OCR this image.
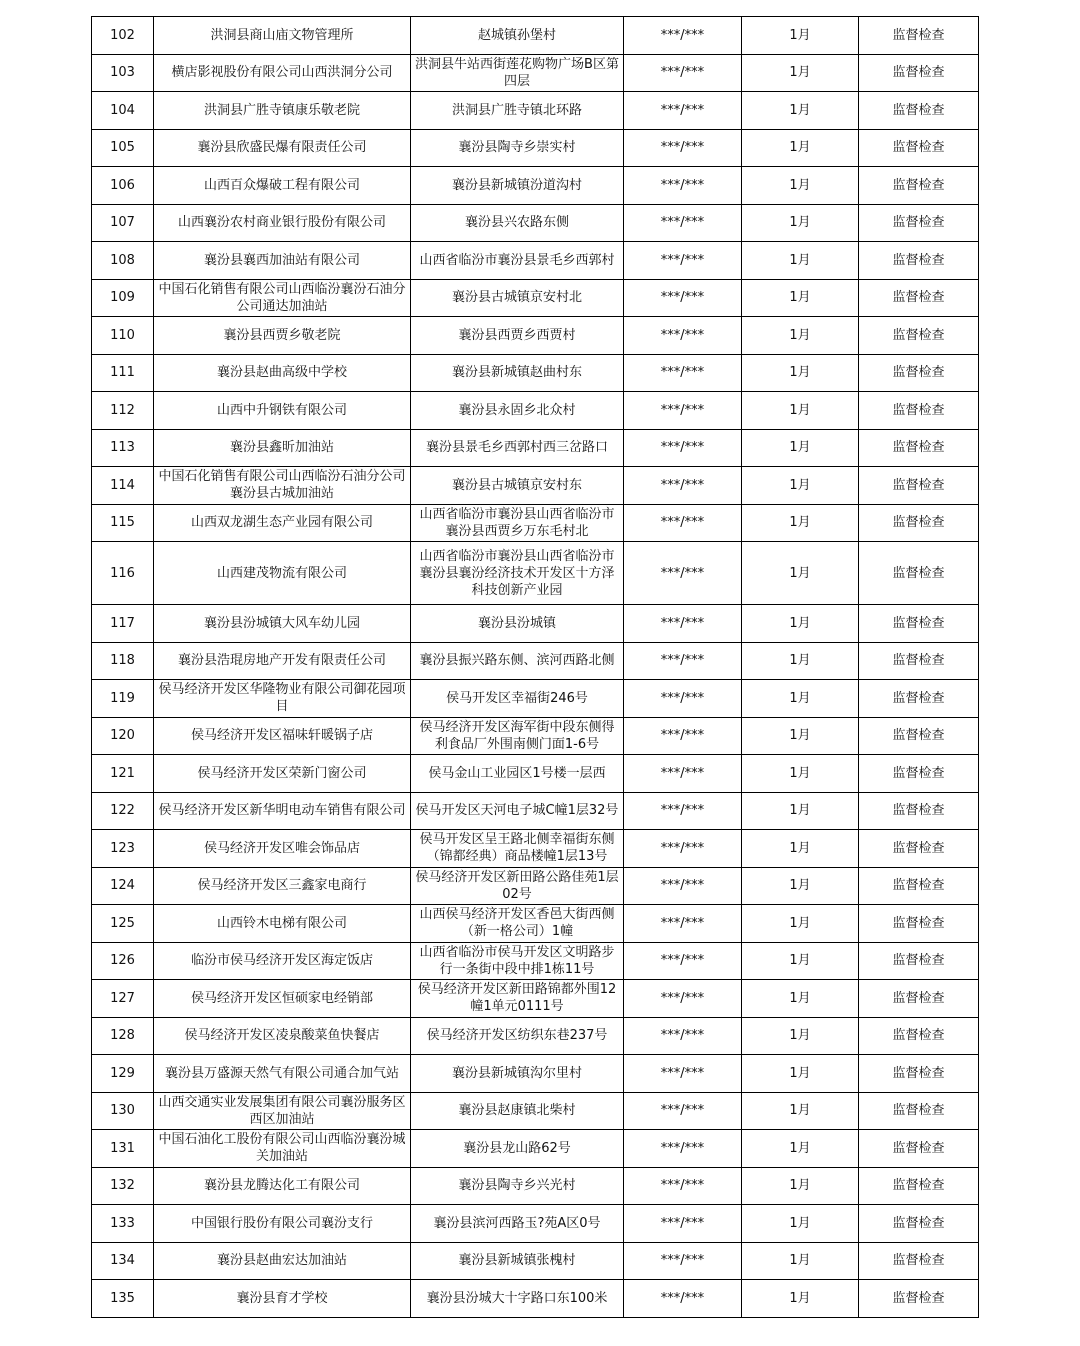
102	洪洞县商山庙文物管理所	赵城镇孙堡村	***/***	1月	监督检查
103	横店影视股份有限公司山西洪洞分公司	洪洞县牛站西街莲花购物广场B区第四层	***/***	1月	监督检查
104	洪洞县广胜寺镇康乐敬老院	洪洞县广胜寺镇北环路	***/***	1月	监督检查
105	襄汾县欣盛民爆有限责任公司	襄汾县陶寺乡崇实村	***/***	1月	监督检查
106	山西百众爆破工程有限公司	襄汾县新城镇汾道沟村	***/***	1月	监督检查
107	山西襄汾农村商业银行股份有限公司	襄汾县兴农路东侧	***/***	1月	监督检查
108	襄汾县襄西加油站有限公司	山西省临汾市襄汾县景毛乡西郭村	***/***	1月	监督检查
109	中国石化销售有限公司山西临汾襄汾石油分公司通达加油站	襄汾县古城镇京安村北	***/***	1月	监督检查
110	襄汾县西贾乡敬老院	襄汾县西贾乡西贾村	***/***	1月	监督检查
111	襄汾县赵曲高级中学校	襄汾县新城镇赵曲村东	***/***	1月	监督检查
112	山西中升钢铁有限公司	襄汾县永固乡北众村	***/***	1月	监督检查
113	襄汾县鑫昕加油站	襄汾县景毛乡西郭村西三岔路口	***/***	1月	监督检查
114	中国石化销售有限公司山西临汾石油分公司襄汾县古城加油站	襄汾县古城镇京安村东	***/***	1月	监督检查
115	山西双龙湖生态产业园有限公司	山西省临汾市襄汾县山西省临汾市襄汾县西贾乡万东毛村北	***/***	1月	监督检查
116	山西建茂物流有限公司	山西省临汾市襄汾县山西省临汾市襄汾县襄汾经济技术开发区十方泽科技创新产业园	***/***	1月	监督检查
117	襄汾县汾城镇大风车幼儿园	襄汾县汾城镇	***/***	1月	监督检查
118	襄汾县浩琨房地产开发有限责任公司	襄汾县振兴路东侧、滨河西路北侧	***/***	1月	监督检查
119	侯马经济开发区华隆物业有限公司御花园项目	侯马开发区幸福街246号	***/***	1月	监督检查
120	侯马经济开发区福味轩暖锅子店	侯马经济开发区海军街中段东侧得利食品厂外围南侧门面1-6号	***/***	1月	监督检查
121	侯马经济开发区荣新门窗公司	侯马金山工业园区1号楼一层西	***/***	1月	监督检查
122	侯马经济开发区新华明电动车销售有限公司	侯马开发区天河电子城C幢1层32号	***/***	1月	监督检查
123	侯马经济开发区唯会饰品店	侯马开发区呈王路北侧幸福街东侧（锦都经典）商品楼幢1层13号	***/***	1月	监督检查
124	侯马经济开发区三鑫家电商行	侯马经济开发区新田路公路佳苑1层02号	***/***	1月	监督检查
125	山西铃木电梯有限公司	山西侯马经济开发区香邑大街西侧（新一格公司）1幢	***/***	1月	监督检查
126	临汾市侯马经济开发区海定饭店	山西省临汾市侯马开发区文明路步行一条街中段中排1栋11号	***/***	1月	监督检查
127	侯马经济开发区恒硕家电经销部	侯马经济开发区新田路锦都外围12幢1单元0111号	***/***	1月	监督检查
128	侯马经济开发区凌泉酸菜鱼快餐店	侯马经济开发区纺织东巷237号	***/***	1月	监督检查
129	襄汾县万盛源天然气有限公司通合加气站	襄汾县新城镇沟尔里村	***/***	1月	监督检查
130	山西交通实业发展集团有限公司襄汾服务区西区加油站	襄汾县赵康镇北柴村	***/***	1月	监督检查
131	中国石油化工股份有限公司山西临汾襄汾城关加油站	襄汾县龙山路62号	***/***	1月	监督检查
132	襄汾县龙腾达化工有限公司	襄汾县陶寺乡兴光村	***/***	1月	监督检查
133	中国银行股份有限公司襄汾支行	襄汾县滨河西路玉?苑A区0号	***/***	1月	监督检查
134	襄汾县赵曲宏达加油站	襄汾县新城镇张槐村	***/***	1月	监督检查
135	襄汾县育才学校	襄汾县汾城大十字路口东100米	***/***	1月	监督检查
